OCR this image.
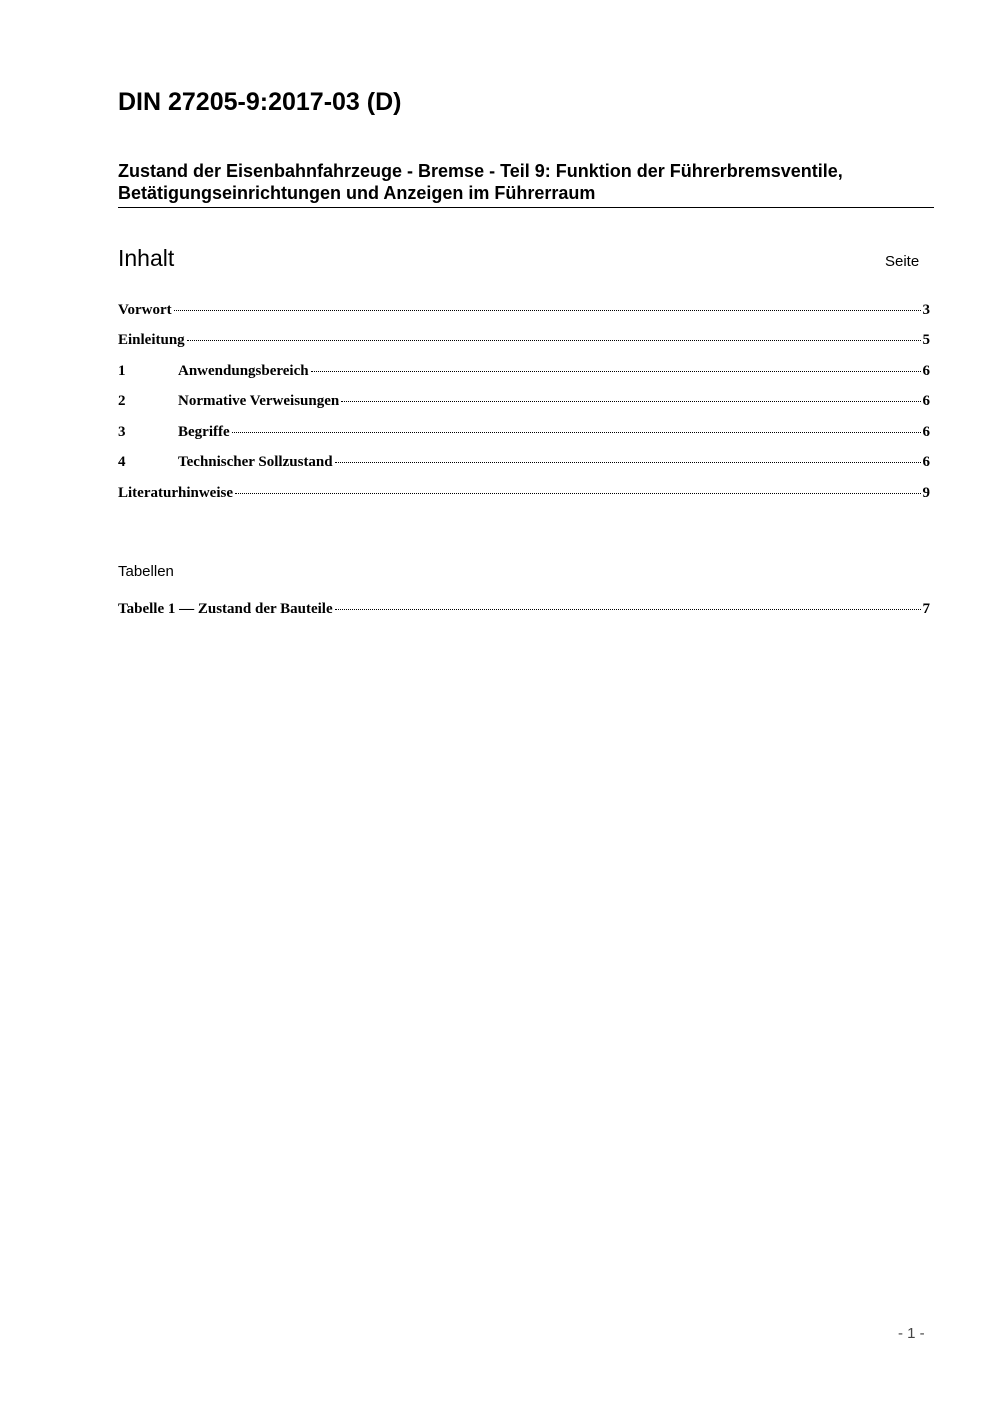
DIN 27205-9:2017-03 (D)
Zustand der Eisenbahnfahrzeuge - Bremse - Teil 9: Funktion der Führerbremsventile,
Betätigungseinrichtungen und Anzeigen im Führerraum
Inhalt	Seite
Vorwort	3
Einleitung	5
1	Anwendungsbereich	6
2	Normative Verweisungen	6
3	Begriffe	6
4	Technischer Sollzustand	6
Literaturhinweise	9
Tabellen
Tabelle 1 — Zustand der Bauteile	7
- 1 -
